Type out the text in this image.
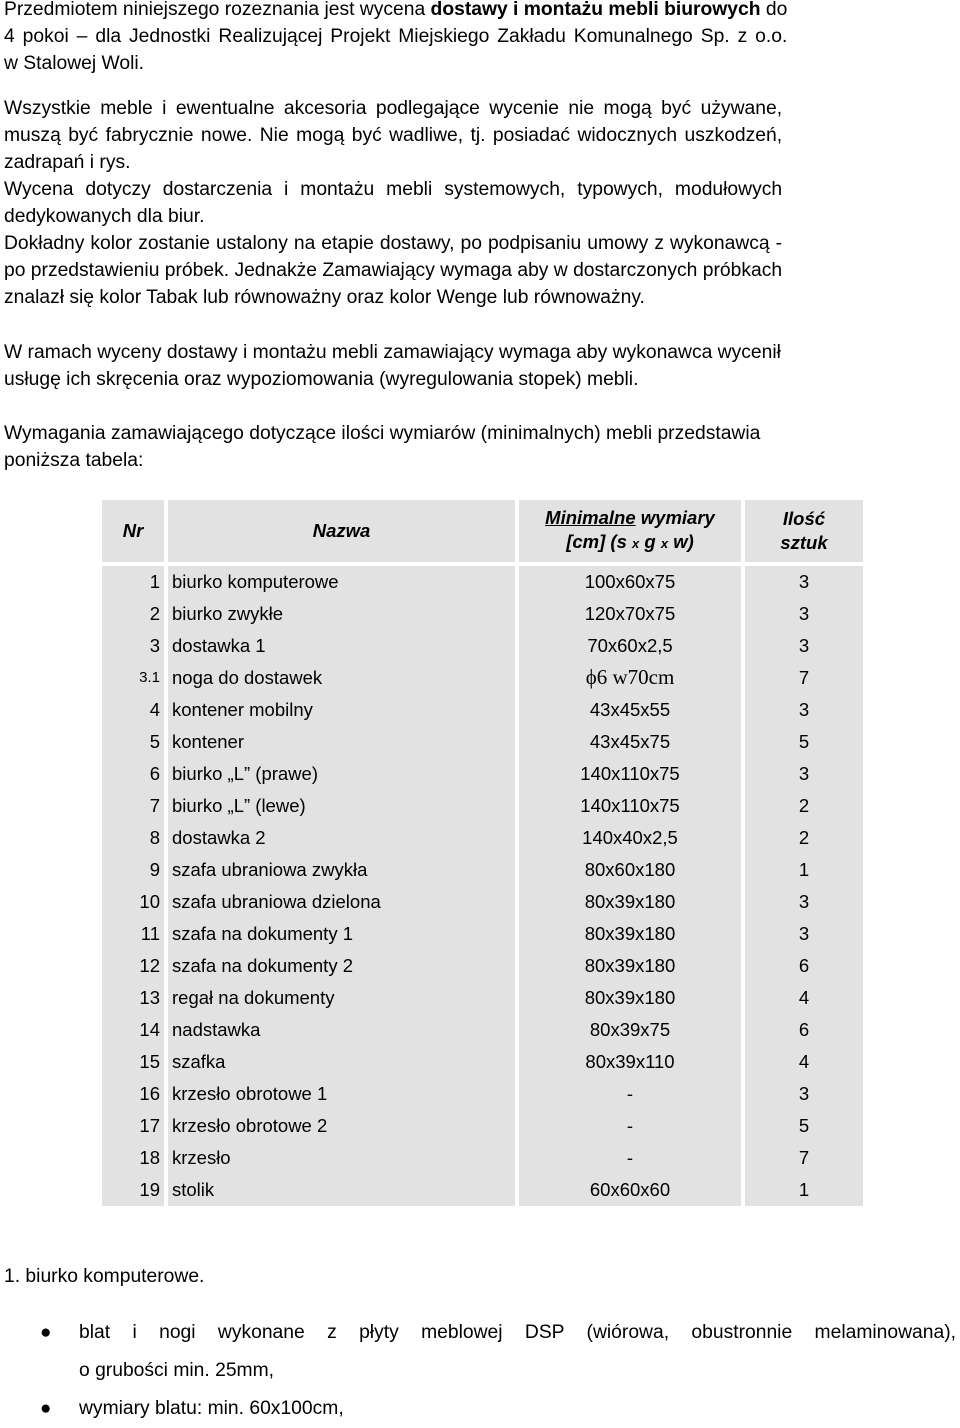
Przedmiotem niniejszego rozeznania jest wycena dostawy i montażu mebli biurowych do
4 pokoi – dla Jednostki Realizującej Projekt Miejskiego Zakładu Komunalnego Sp. z o.o.
w Stalowej Woli.

Wszystkie meble i ewentualne akcesoria podlegające wycenie nie mogą być używane,
muszą być fabrycznie nowe. Nie mogą być wadliwe, tj. posiadać widocznych uszkodzeń,
zadrapań i rys.
Wycena dotyczy dostarczenia i montażu mebli systemowych, typowych, modułowych
dedykowanych dla biur.
Dokładny kolor zostanie ustalony na etapie dostawy, po podpisaniu umowy z wykonawcą -
po przedstawieniu próbek. Jednakże Zamawiający wymaga aby w dostarczonych próbkach
znalazł się kolor Tabak lub równoważny oraz kolor Wenge lub równoważny.

W ramach wyceny dostawy i montażu mebli zamawiający wymaga aby wykonawca wycenił
usługę ich skręcenia oraz wypoziomowania (wyregulowania stopek) mebli.

Wymagania zamawiającego dotyczące ilości wymiarów (minimalnych) mebli przedstawia
poniższa tabela:

Nr	Nazwa	Minimalne wymiary
[cm] (s x g x w)	Ilość
sztuk
1	biurko komputerowe	100x60x75	3
2	biurko zwykłe	120x70x75	3
3	dostawka 1	70x60x2,5	3
3.1	noga do dostawek	ϕ6 w70cm	7
4	kontener mobilny	43x45x55	3
5	kontener	43x45x75	5
6	biurko „L” (prawe)	140x110x75	3
7	biurko „L” (lewe)	140x110x75	2
8	dostawka 2	140x40x2,5	2
9	szafa ubraniowa zwykła	80x60x180	1
10	szafa ubraniowa dzielona	80x39x180	3
11	szafa na dokumenty 1	80x39x180	3
12	szafa na dokumenty 2	80x39x180	6
13	regał na dokumenty	80x39x180	4
14	nadstawka	80x39x75	6
15	szafka	80x39x110	4
16	krzesło obrotowe 1	-	3
17	krzesło obrotowe 2	-	5
18	krzesło	-	7
19	stolik	60x60x60	1

1. biurko komputerowe.

● blat i nogi wykonane z płyty meblowej DSP (wiórowa, obustronnie melaminowana),
o grubości min. 25mm,
● wymiary blatu: min. 60x100cm,
